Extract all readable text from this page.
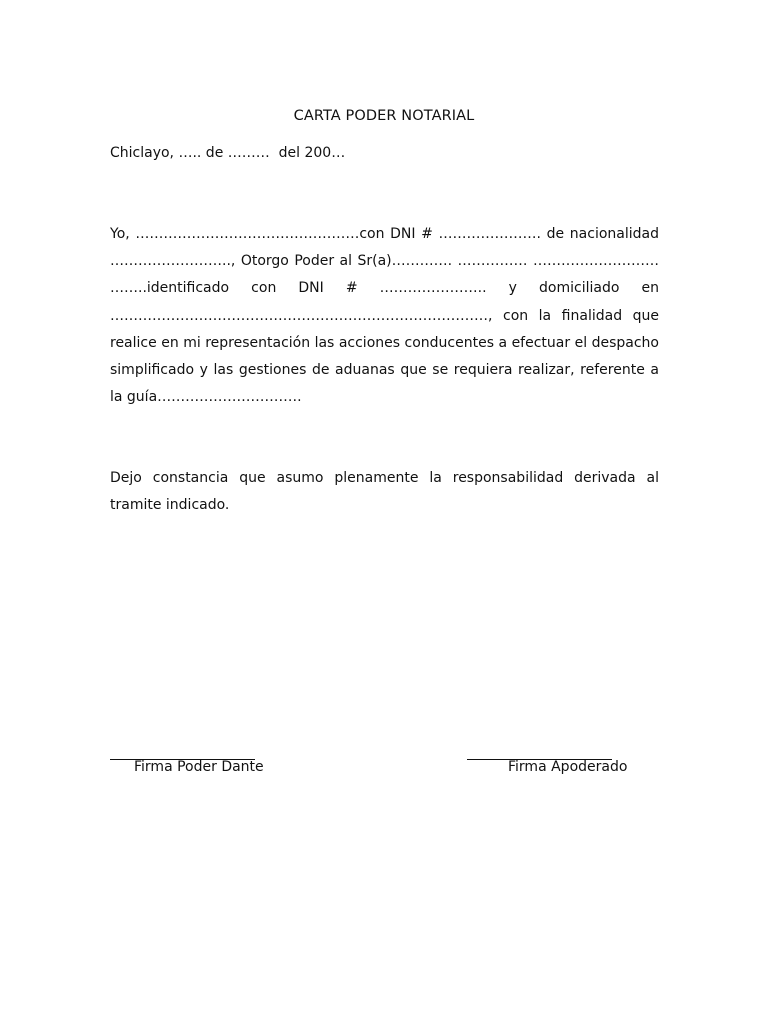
CARTA PODER NOTARIAL
Chiclayo, ….. de ………  del 200…

Yo, …………………………………………con DNI # …………………. de nacionalidad …………………….., Otorgo Poder al Sr(a)…………. …………… ……………………… ……..identificado con DNI # ………………….. y domiciliado en ………………………………………………………………………, con la finalidad que realice en mi representación las acciones conducentes a efectuar el despacho simplificado y las gestiones de aduanas que se requiera realizar, referente a la guía………………………….

Dejo constancia que asumo plenamente la responsabilidad derivada al tramite indicado.

Firma Poder Dante	Firma Apoderado
